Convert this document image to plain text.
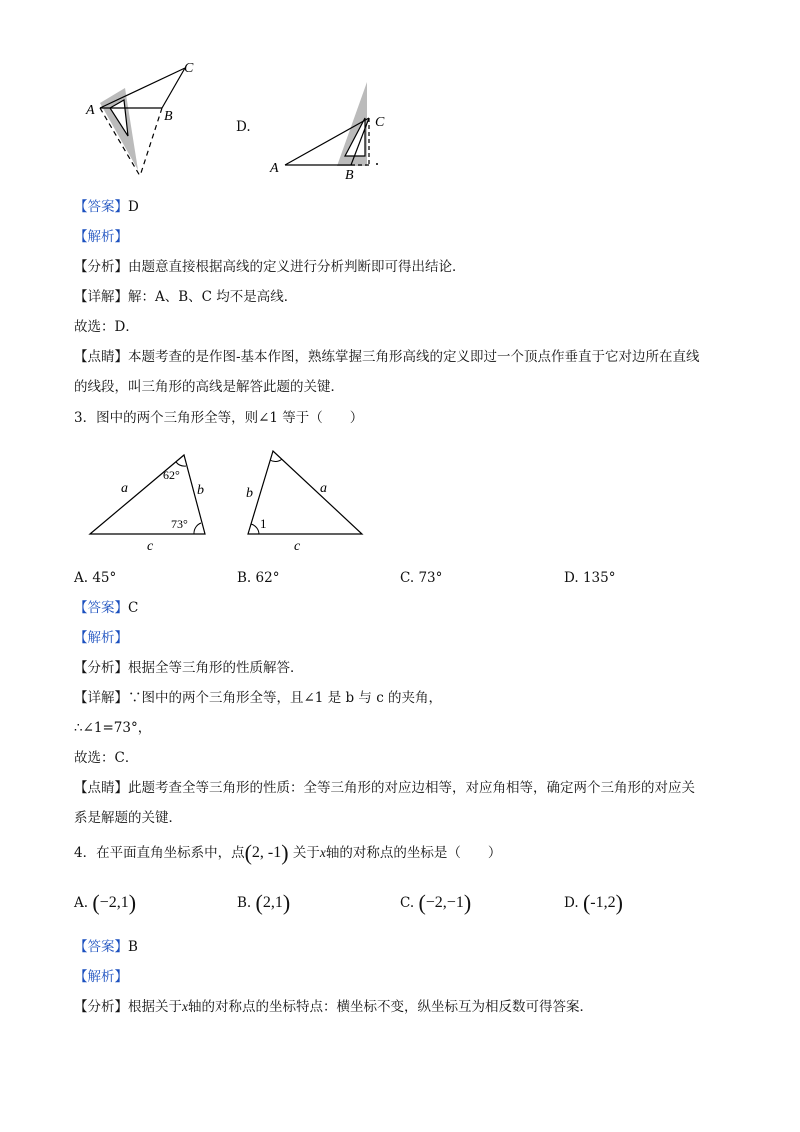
A	B
C
D.
A	B
C
【答案】D
【解析】
【分析】由题意直接根据高线的定义进行分析判断即可得出结论．
【详解】解：A、B、C 均不是高线．
故选：D．
【点睛】本题考查的是作图-基本作图，熟练掌握三角形高线的定义即过一个顶点作垂直于它对边所在直线
的线段，叫三角形的高线是解答此题的关键．
3．图中的两个三角形全等，则∠1 等于（　　）
62°
73°
a	b
c
b	a
1
c
A. 45°	B. 62°	C. 73°	D. 135°
【答案】C
【解析】
【分析】根据全等三角形的性质解答．
【详解】∵图中的两个三角形全等，且∠1 是 b 与 c 的夹角，
∴∠1=73°，
故选：C．
【点睛】此题考查全等三角形的性质：全等三角形的对应边相等，对应角相等，确定两个三角形的对应关
系是解题的关键．
4．在平面直角坐标系中，点(2, -1) 关于x轴的对称点的坐标是（　　）
A. (−2,1)	B. (2,1)	C. (−2,−1)	D. (-1,2)
【答案】B
【解析】
【分析】根据关于x轴的对称点的坐标特点：横坐标不变，纵坐标互为相反数可得答案．
